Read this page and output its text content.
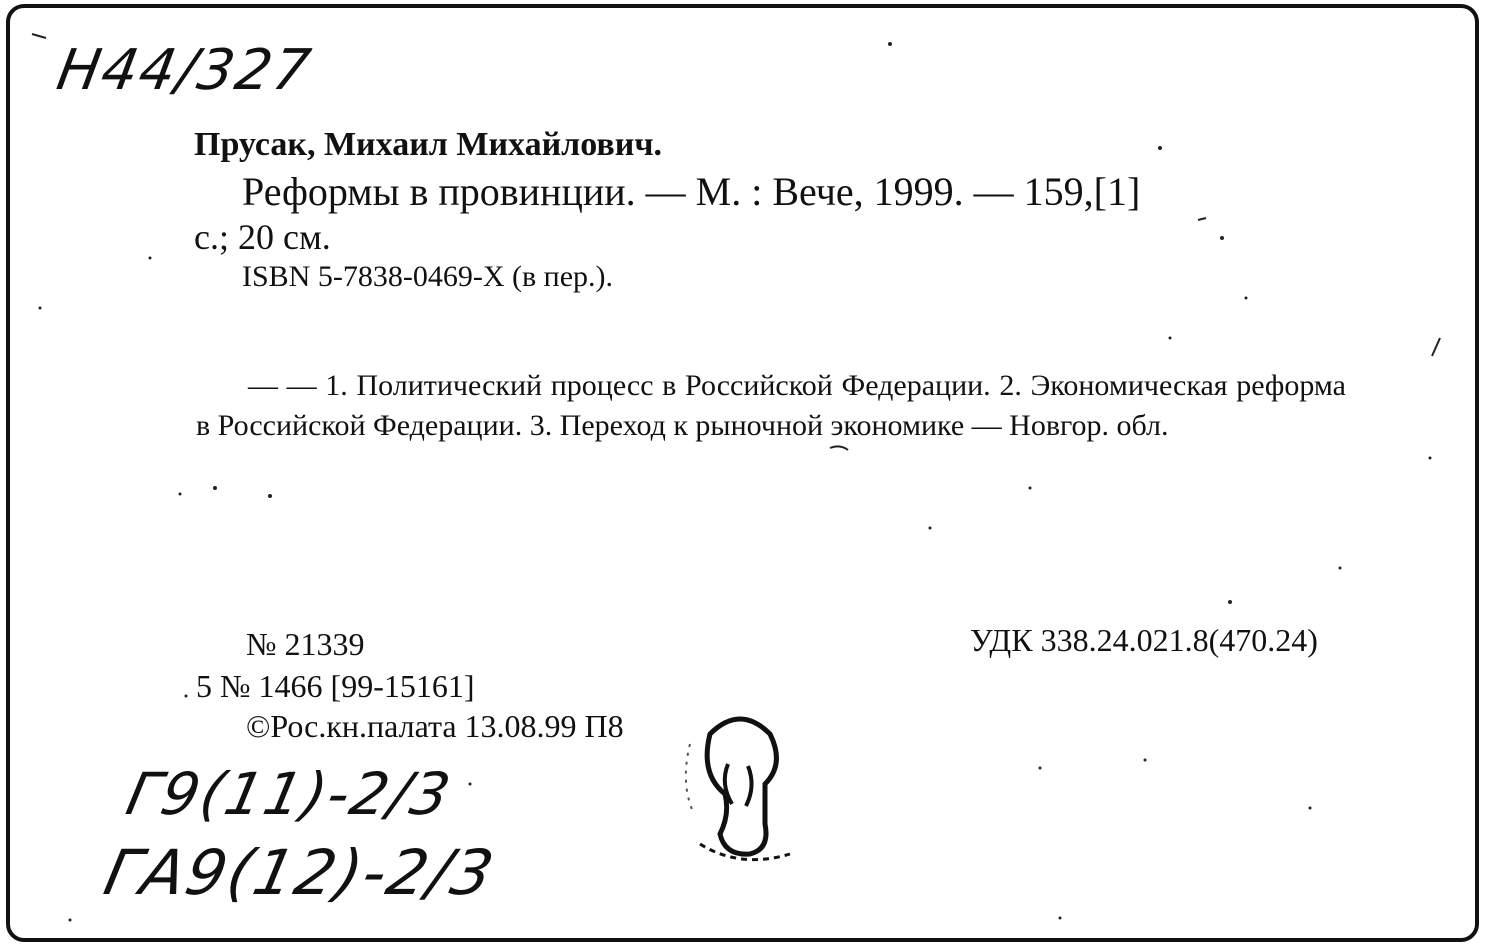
Н44/327
Прусак, Михаил Михайлович.
Реформы в провинции. — М. : Вече, 1999. — 159,[1]
с.; 20 см.
ISBN 5-7838-0469-X (в пер.).
— — 1. Политический процесс в Российской Федерации. 2. Экономическая реформа в Российской Федерации. 3. Переход к рыночной экономике — Новгор. обл.
№ 21339	УДК 338.24.021.8(470.24)
5 № 1466 [99-15161]
©Рос.кн.палата 13.08.99 П8
Г9(11)-2/3
ГА9(12)-2/3
